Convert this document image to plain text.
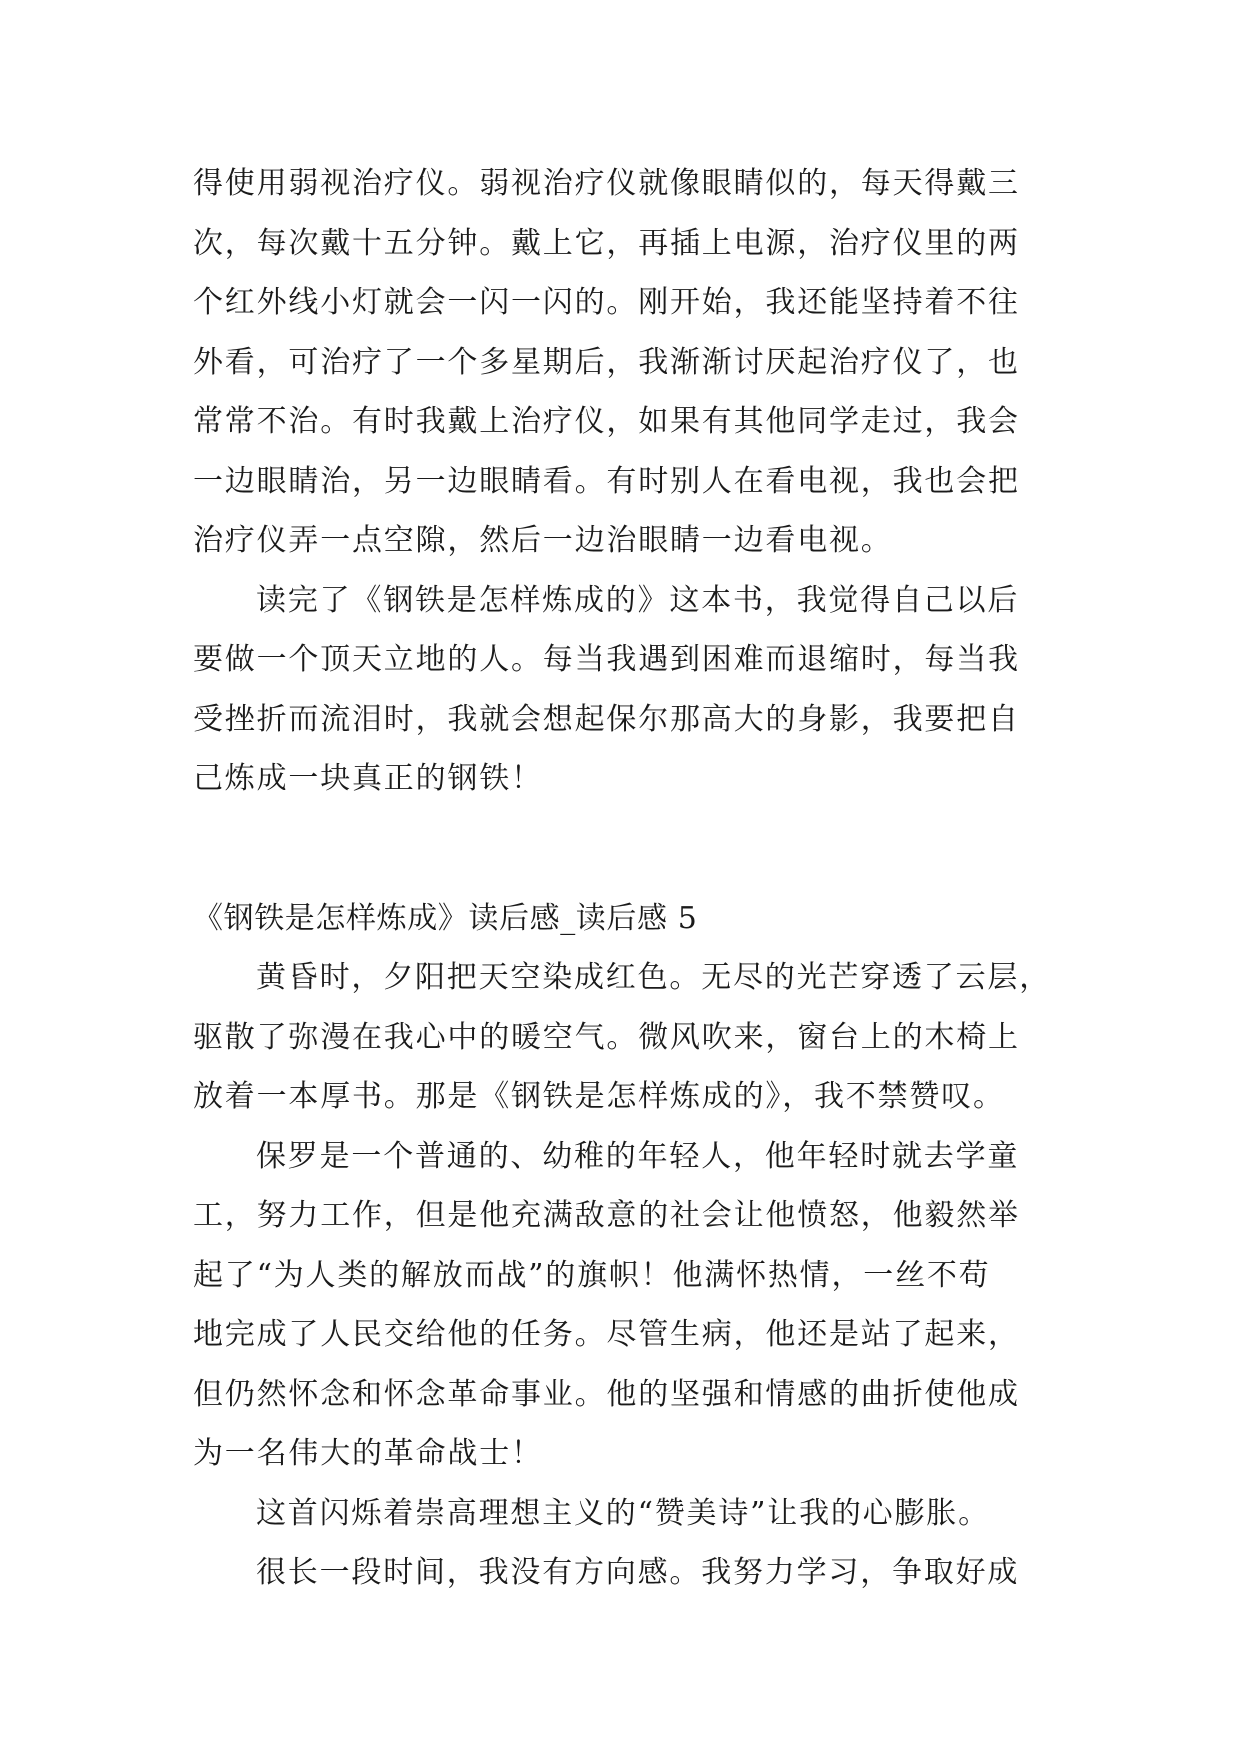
得使用弱视治疗仪。弱视治疗仪就像眼睛似的，每天得戴三
次，每次戴十五分钟。戴上它，再插上电源，治疗仪里的两
个红外线小灯就会一闪一闪的。刚开始，我还能坚持着不往
外看，可治疗了一个多星期后，我渐渐讨厌起治疗仪了，也
常常不治。有时我戴上治疗仪，如果有其他同学走过，我会
一边眼睛治，另一边眼睛看。有时别人在看电视，我也会把
治疗仪弄一点空隙，然后一边治眼睛一边看电视。
读完了《钢铁是怎样炼成的》这本书，我觉得自己以后
要做一个顶天立地的人。每当我遇到困难而退缩时，每当我
受挫折而流泪时，我就会想起保尔那高大的身影，我要把自
己炼成一块真正的钢铁！
《钢铁是怎样炼成》读后感_读后感 5
黄昏时，夕阳把天空染成红色。无尽的光芒穿透了云层，
驱散了弥漫在我心中的暖空气。微风吹来，窗台上的木椅上
放着一本厚书。那是《钢铁是怎样炼成的》，我不禁赞叹。
保罗是一个普通的、幼稚的年轻人，他年轻时就去学童
工，努力工作，但是他充满敌意的社会让他愤怒，他毅然举
起了“为人类的解放而战”的旗帜！他满怀热情，一丝不苟
地完成了人民交给他的任务。尽管生病，他还是站了起来，
但仍然怀念和怀念革命事业。他的坚强和情感的曲折使他成
为一名伟大的革命战士！
这首闪烁着崇高理想主义的“赞美诗”让我的心膨胀。
很长一段时间，我没有方向感。我努力学习，争取好成
